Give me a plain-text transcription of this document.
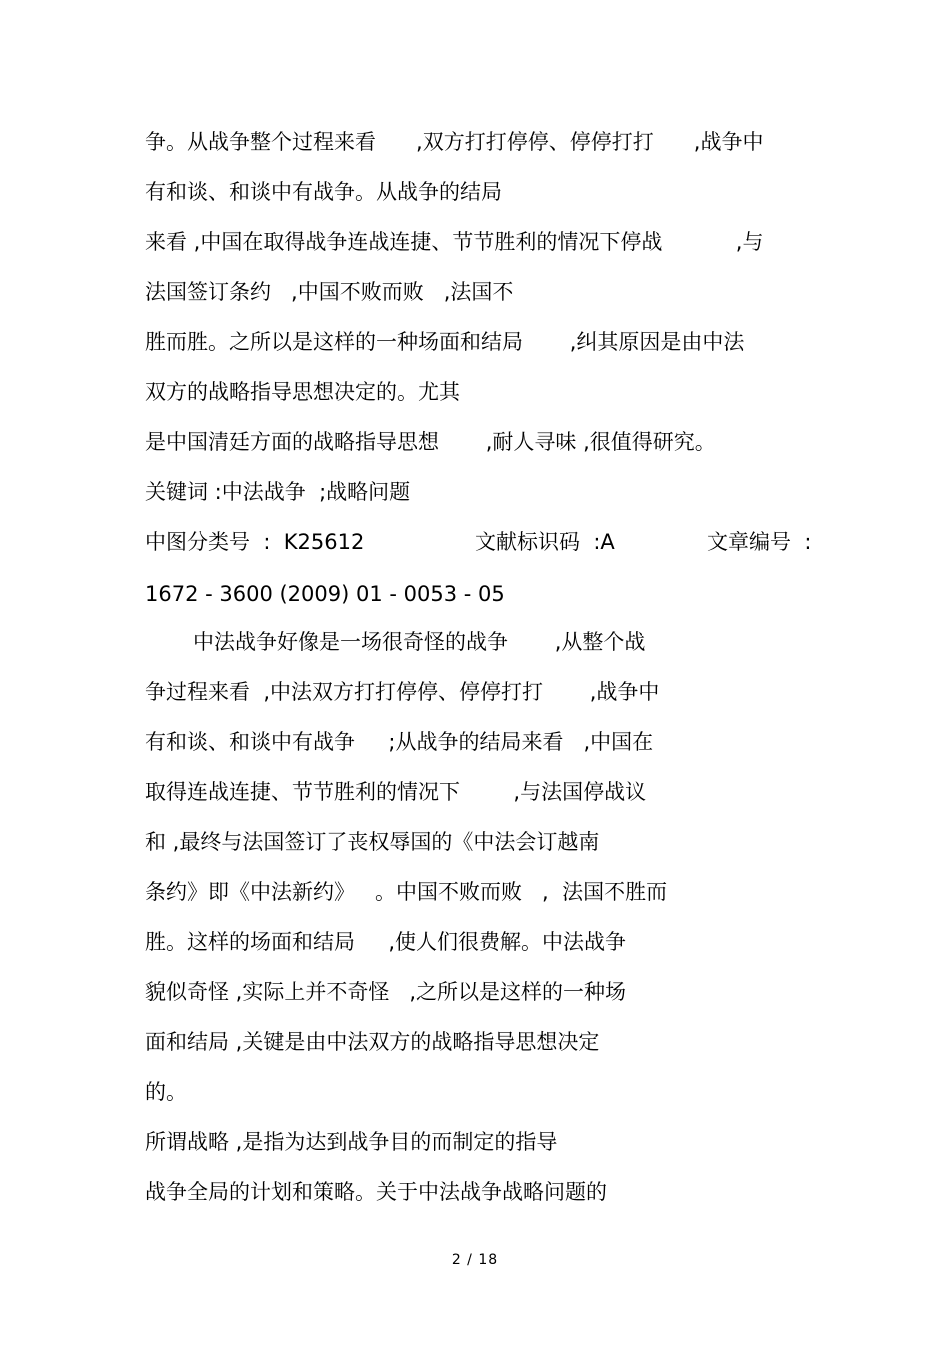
争。从战争整个过程来看      ,双方打打停停、停停打打      ,战争中
有和谈、和谈中有战争。从战争的结局
来看 ,中国在取得战争连战连捷、节节胜利的情况下停战           ,与
法国签订条约   ,中国不败而败   ,法国不
胜而胜。之所以是这样的一种场面和结局       ,纠其原因是由中法
双方的战略指导思想决定的。尤其
是中国清廷方面的战略指导思想       ,耐人寻味 ,很值得研究。
关键词 :中法战争  ;战略问题
中图分类号  :  K25612	文献标识码  :A	文章编号  :
1672 - 3600 (2009) 01 - 0053 - 05
中法战争好像是一场很奇怪的战争       ,从整个战
争过程来看  ,中法双方打打停停、停停打打       ,战争中
有和谈、和谈中有战争     ;从战争的结局来看   ,中国在
取得连战连捷、节节胜利的情况下        ,与法国停战议
和 ,最终与法国签订了丧权辱国的《中法会订越南
条约》即《中法新约》   。中国不败而败   ,  法国不胜而
胜。这样的场面和结局     ,使人们很费解。中法战争
貌似奇怪 ,实际上并不奇怪   ,之所以是这样的一种场
面和结局 ,关键是由中法双方的战略指导思想决定
的。
所谓战略 ,是指为达到战争目的而制定的指导
战争全局的计划和策略。关于中法战争战略问题的
2 / 18
